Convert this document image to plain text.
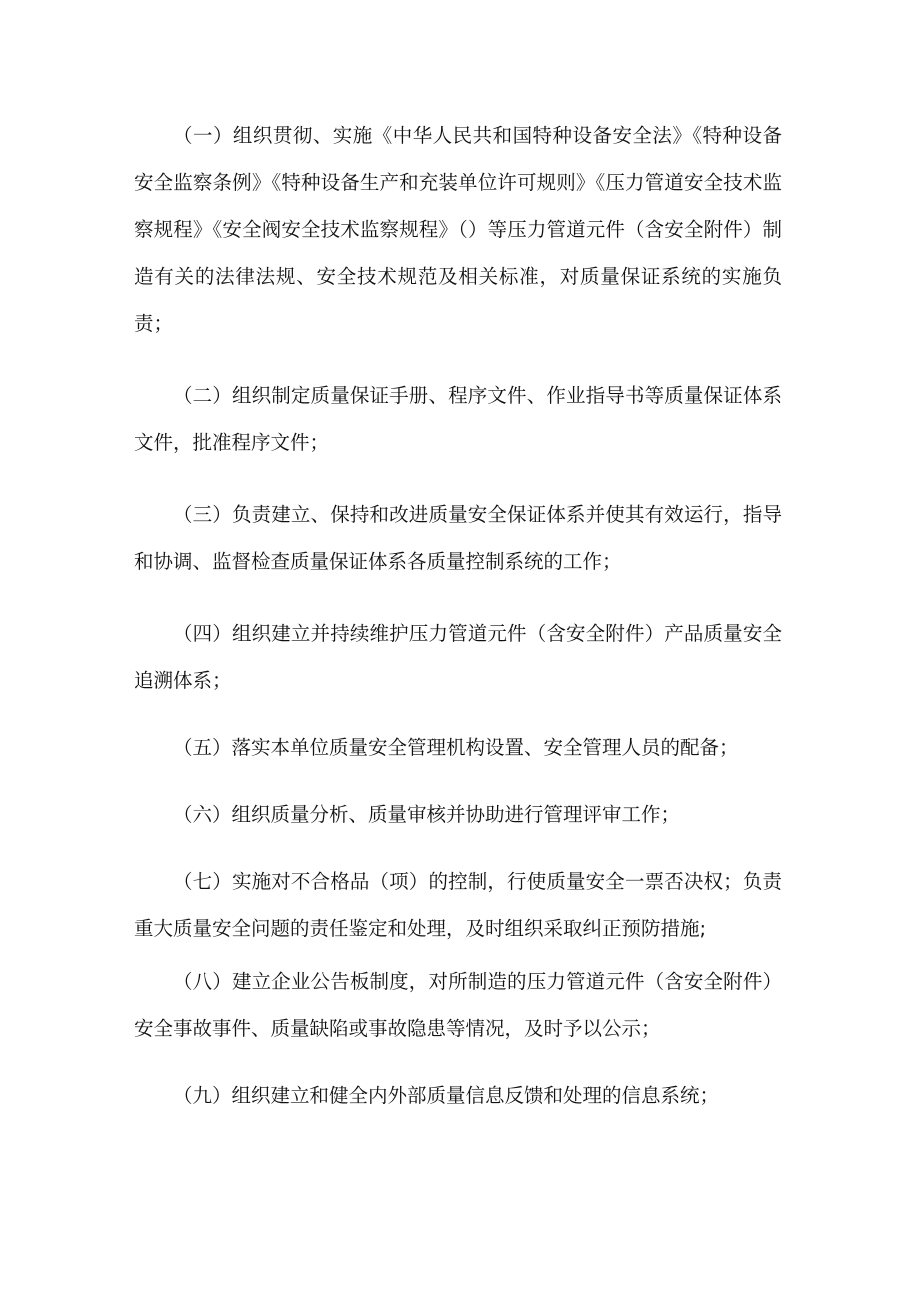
（一）组织贯彻、实施《中华人民共和国特种设备安全法》《特种设备安全监察条例》《特种设备生产和充装单位许可规则》《压力管道安全技术监察规程》《安全阀安全技术监察规程》（）等压力管道元件（含安全附件）制造有关的法律法规、安全技术规范及相关标准，对质量保证系统的实施负责；

（二）组织制定质量保证手册、程序文件、作业指导书等质量保证体系文件，批准程序文件；

（三）负责建立、保持和改进质量安全保证体系并使其有效运行，指导和协调、监督检查质量保证体系各质量控制系统的工作；

（四）组织建立并持续维护压力管道元件（含安全附件）产品质量安全追溯体系；

（五）落实本单位质量安全管理机构设置、安全管理人员的配备；

（六）组织质量分析、质量审核并协助进行管理评审工作；

（七）实施对不合格品（项）的控制，行使质量安全一票否决权；负责重大质量安全问题的责任鉴定和处理，及时组织采取纠正预防措施;

（八）建立企业公告板制度，对所制造的压力管道元件（含安全附件）安全事故事件、质量缺陷或事故隐患等情况，及时予以公示；

（九）组织建立和健全内外部质量信息反馈和处理的信息系统；
